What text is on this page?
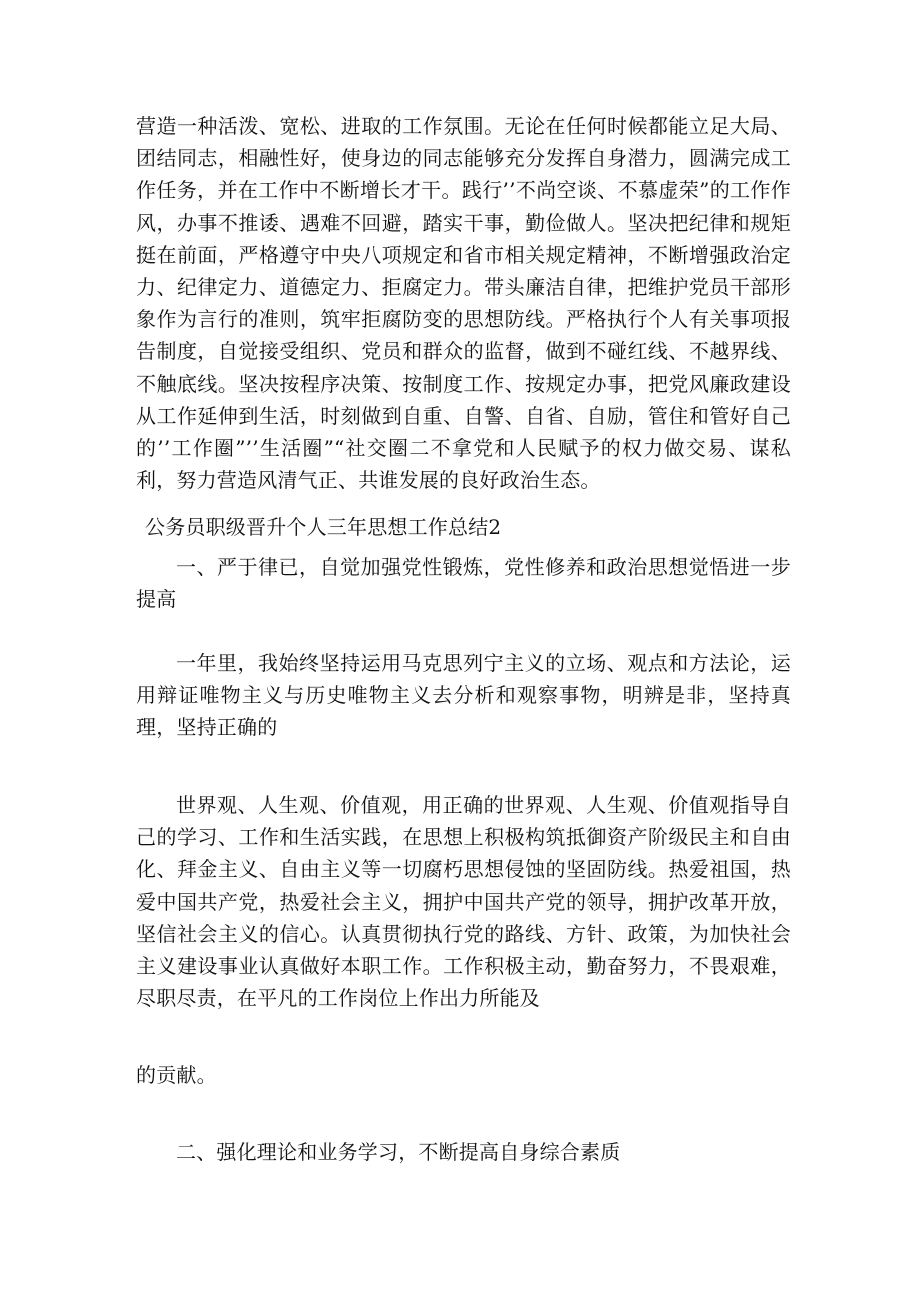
营造一种活泼、宽松、进取的工作氛围。无论在任何时候都能立足大局、团结同志，相融性好，使身边的同志能够充分发挥自身潜力，圆满完成工作任务，并在工作中不断增长才干。践行’’不尚空谈、不慕虚荣”的工作作风，办事不推诿、遇难不回避，踏实干事，勤俭做人。坚决把纪律和规矩挺在前面，严格遵守中央八项规定和省市相关规定精神，不断增强政治定力、纪律定力、道德定力、拒腐定力。带头廉洁自律，把维护党员干部形象作为言行的准则，筑牢拒腐防变的思想防线。严格执行个人有关事项报告制度，自觉接受组织、党员和群众的监督，做到不碰红线、不越界线、不触底线。坚决按程序决策、按制度工作、按规定办事，把党风廉政建设从工作延伸到生活，时刻做到自重、自警、自省、自励，管住和管好自己的’’工作圈”’’生活圈”“社交圈二不拿党和人民赋予的权力做交易、谋私利，努力营造风清气正、共谁发展的良好政治生态。

公务员职级晋升个人三年思想工作总结2

一、严于律已，自觉加强党性锻炼，党性修养和政治思想觉悟进一步提高

一年里，我始终坚持运用马克思列宁主义的立场、观点和方法论，运用辩证唯物主义与历史唯物主义去分析和观察事物，明辨是非，坚持真理，坚持正确的

世界观、人生观、价值观，用正确的世界观、人生观、价值观指导自己的学习、工作和生活实践，在思想上积极构筑抵御资产阶级民主和自由化、拜金主义、自由主义等一切腐朽思想侵蚀的坚固防线。热爱祖国，热爱中国共产党，热爱社会主义，拥护中国共产党的领导，拥护改革开放，坚信社会主义的信心。认真贯彻执行党的路线、方针、政策，为加快社会主义建设事业认真做好本职工作。工作积极主动，勤奋努力，不畏艰难，尽职尽责，在平凡的工作岗位上作出力所能及

的贡献。

二、强化理论和业务学习，不断提高自身综合素质
